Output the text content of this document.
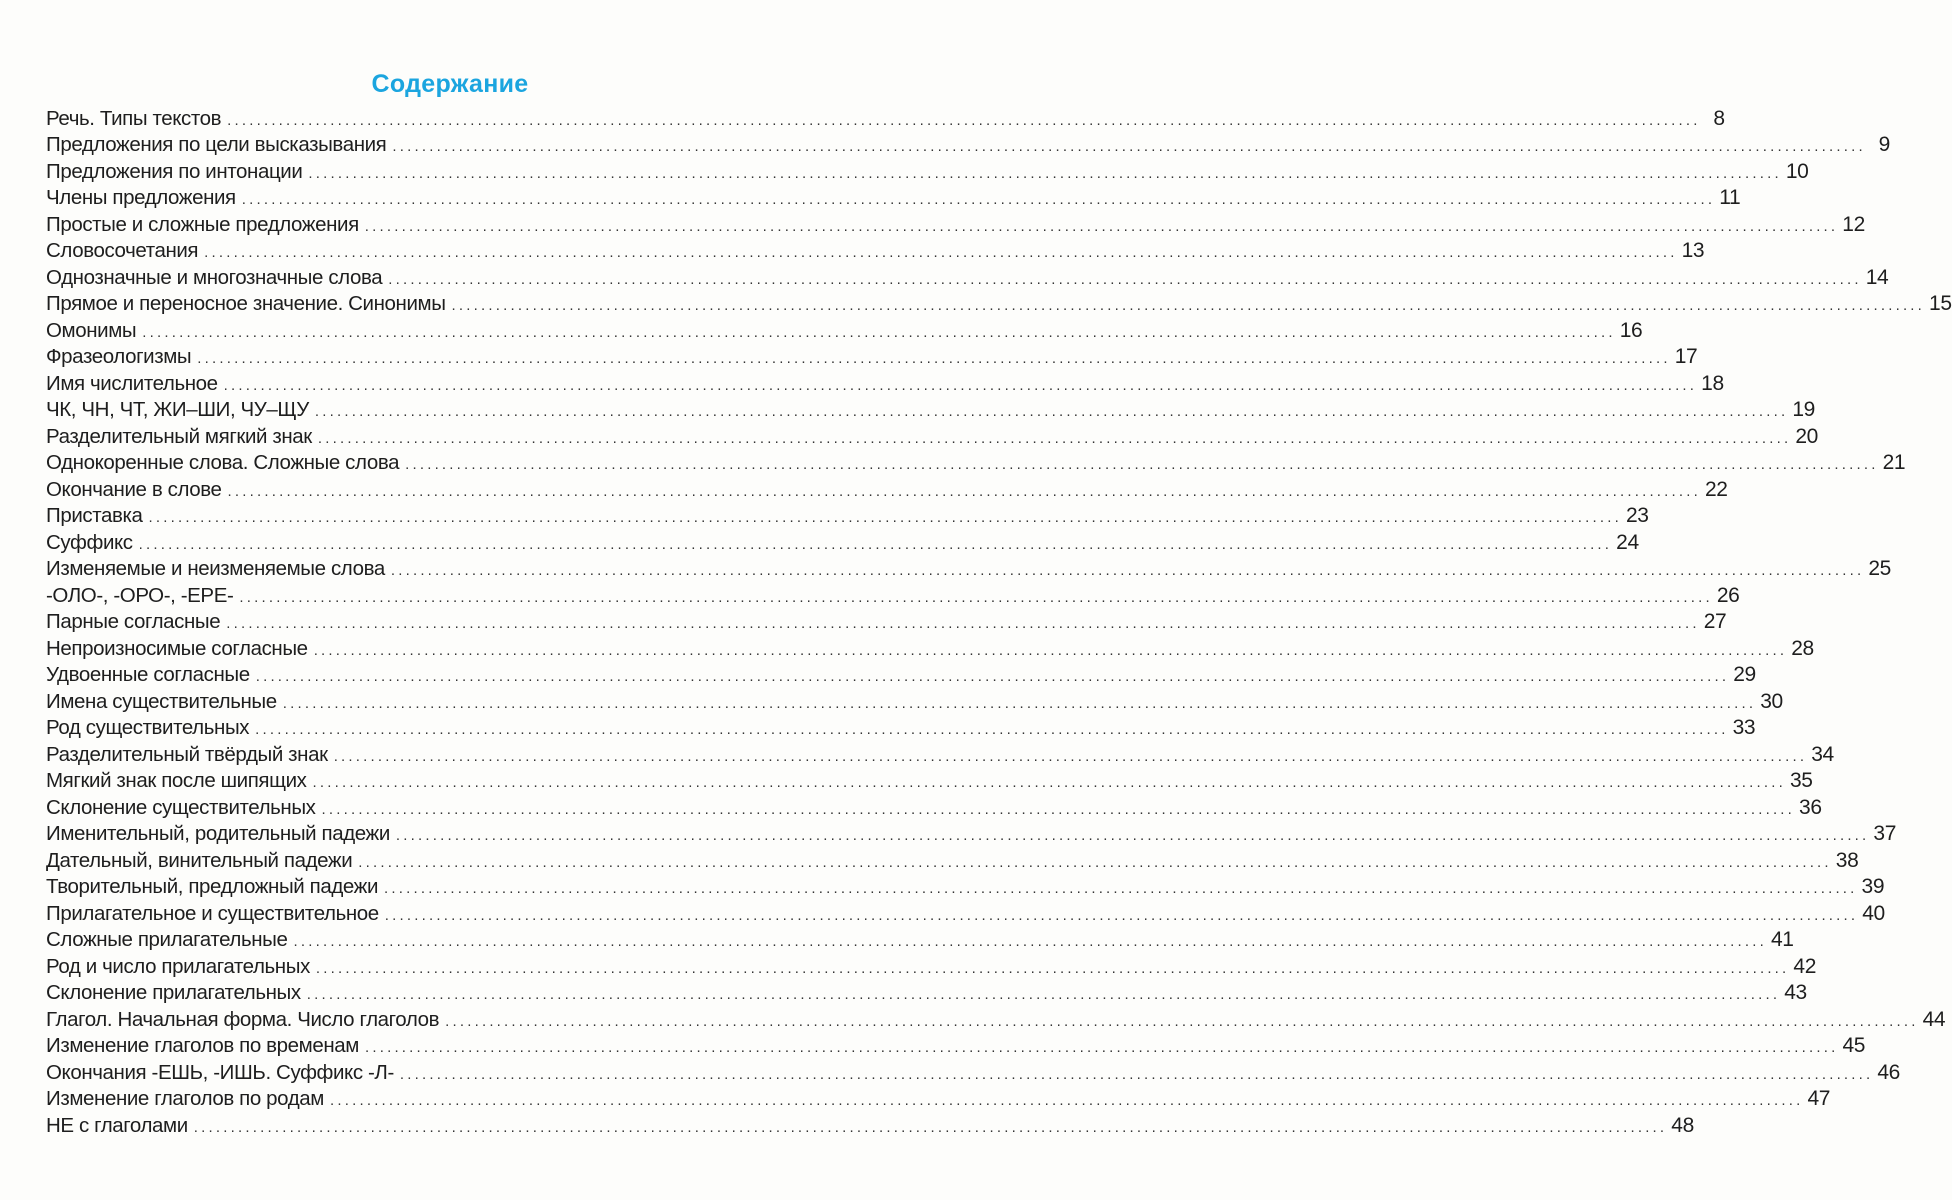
Содержание
Речь. Типы текстов ........................................................................................................................................................................................................ 8
Предложения по цели высказывания ........................................................................................................................................................................................................ 9
Предложения по интонации ........................................................................................................................................................................................................ 10
Члены предложения ........................................................................................................................................................................................................ 11
Простые и сложные предложения ........................................................................................................................................................................................................ 12
Словосочетания ........................................................................................................................................................................................................ 13
Однозначные и многозначные слова ........................................................................................................................................................................................................ 14
Прямое и переносное значение. Синонимы ........................................................................................................................................................................................................ 15
Омонимы ........................................................................................................................................................................................................ 16
Фразеологизмы ........................................................................................................................................................................................................ 17
Имя числительное ........................................................................................................................................................................................................ 18
ЧК, ЧН, ЧТ, ЖИ–ШИ, ЧУ–ЩУ ........................................................................................................................................................................................................ 19
Разделительный мягкий знак ........................................................................................................................................................................................................ 20
Однокоренные слова. Сложные слова ........................................................................................................................................................................................................ 21
Окончание в слове ........................................................................................................................................................................................................ 22
Приставка ........................................................................................................................................................................................................ 23
Суффикс ........................................................................................................................................................................................................ 24
Изменяемые и неизменяемые слова ........................................................................................................................................................................................................ 25
-ОЛО-, -ОРО-, -ЕРЕ- ........................................................................................................................................................................................................ 26
Парные согласные ........................................................................................................................................................................................................ 27
Непроизносимые согласные ........................................................................................................................................................................................................ 28
Удвоенные согласные ........................................................................................................................................................................................................ 29
Имена существительные ........................................................................................................................................................................................................ 30
Род существительных ........................................................................................................................................................................................................ 33
Разделительный твёрдый знак ........................................................................................................................................................................................................ 34
Мягкий знак после шипящих ........................................................................................................................................................................................................ 35
Склонение существительных ........................................................................................................................................................................................................ 36
Именительный, родительный падежи ........................................................................................................................................................................................................ 37
Дательный, винительный падежи ........................................................................................................................................................................................................ 38
Творительный, предложный падежи ........................................................................................................................................................................................................ 39
Прилагательное и существительное ........................................................................................................................................................................................................ 40
Сложные прилагательные ........................................................................................................................................................................................................ 41
Род и число прилагательных ........................................................................................................................................................................................................ 42
Склонение прилагательных ........................................................................................................................................................................................................ 43
Глагол. Начальная форма. Число глаголов ........................................................................................................................................................................................................ 44
Изменение глаголов по временам ........................................................................................................................................................................................................ 45
Окончания -ЕШЬ, -ИШЬ. Суффикс -Л- ........................................................................................................................................................................................................ 46
Изменение глаголов по родам ........................................................................................................................................................................................................ 47
НЕ с глаголами ........................................................................................................................................................................................................ 48
